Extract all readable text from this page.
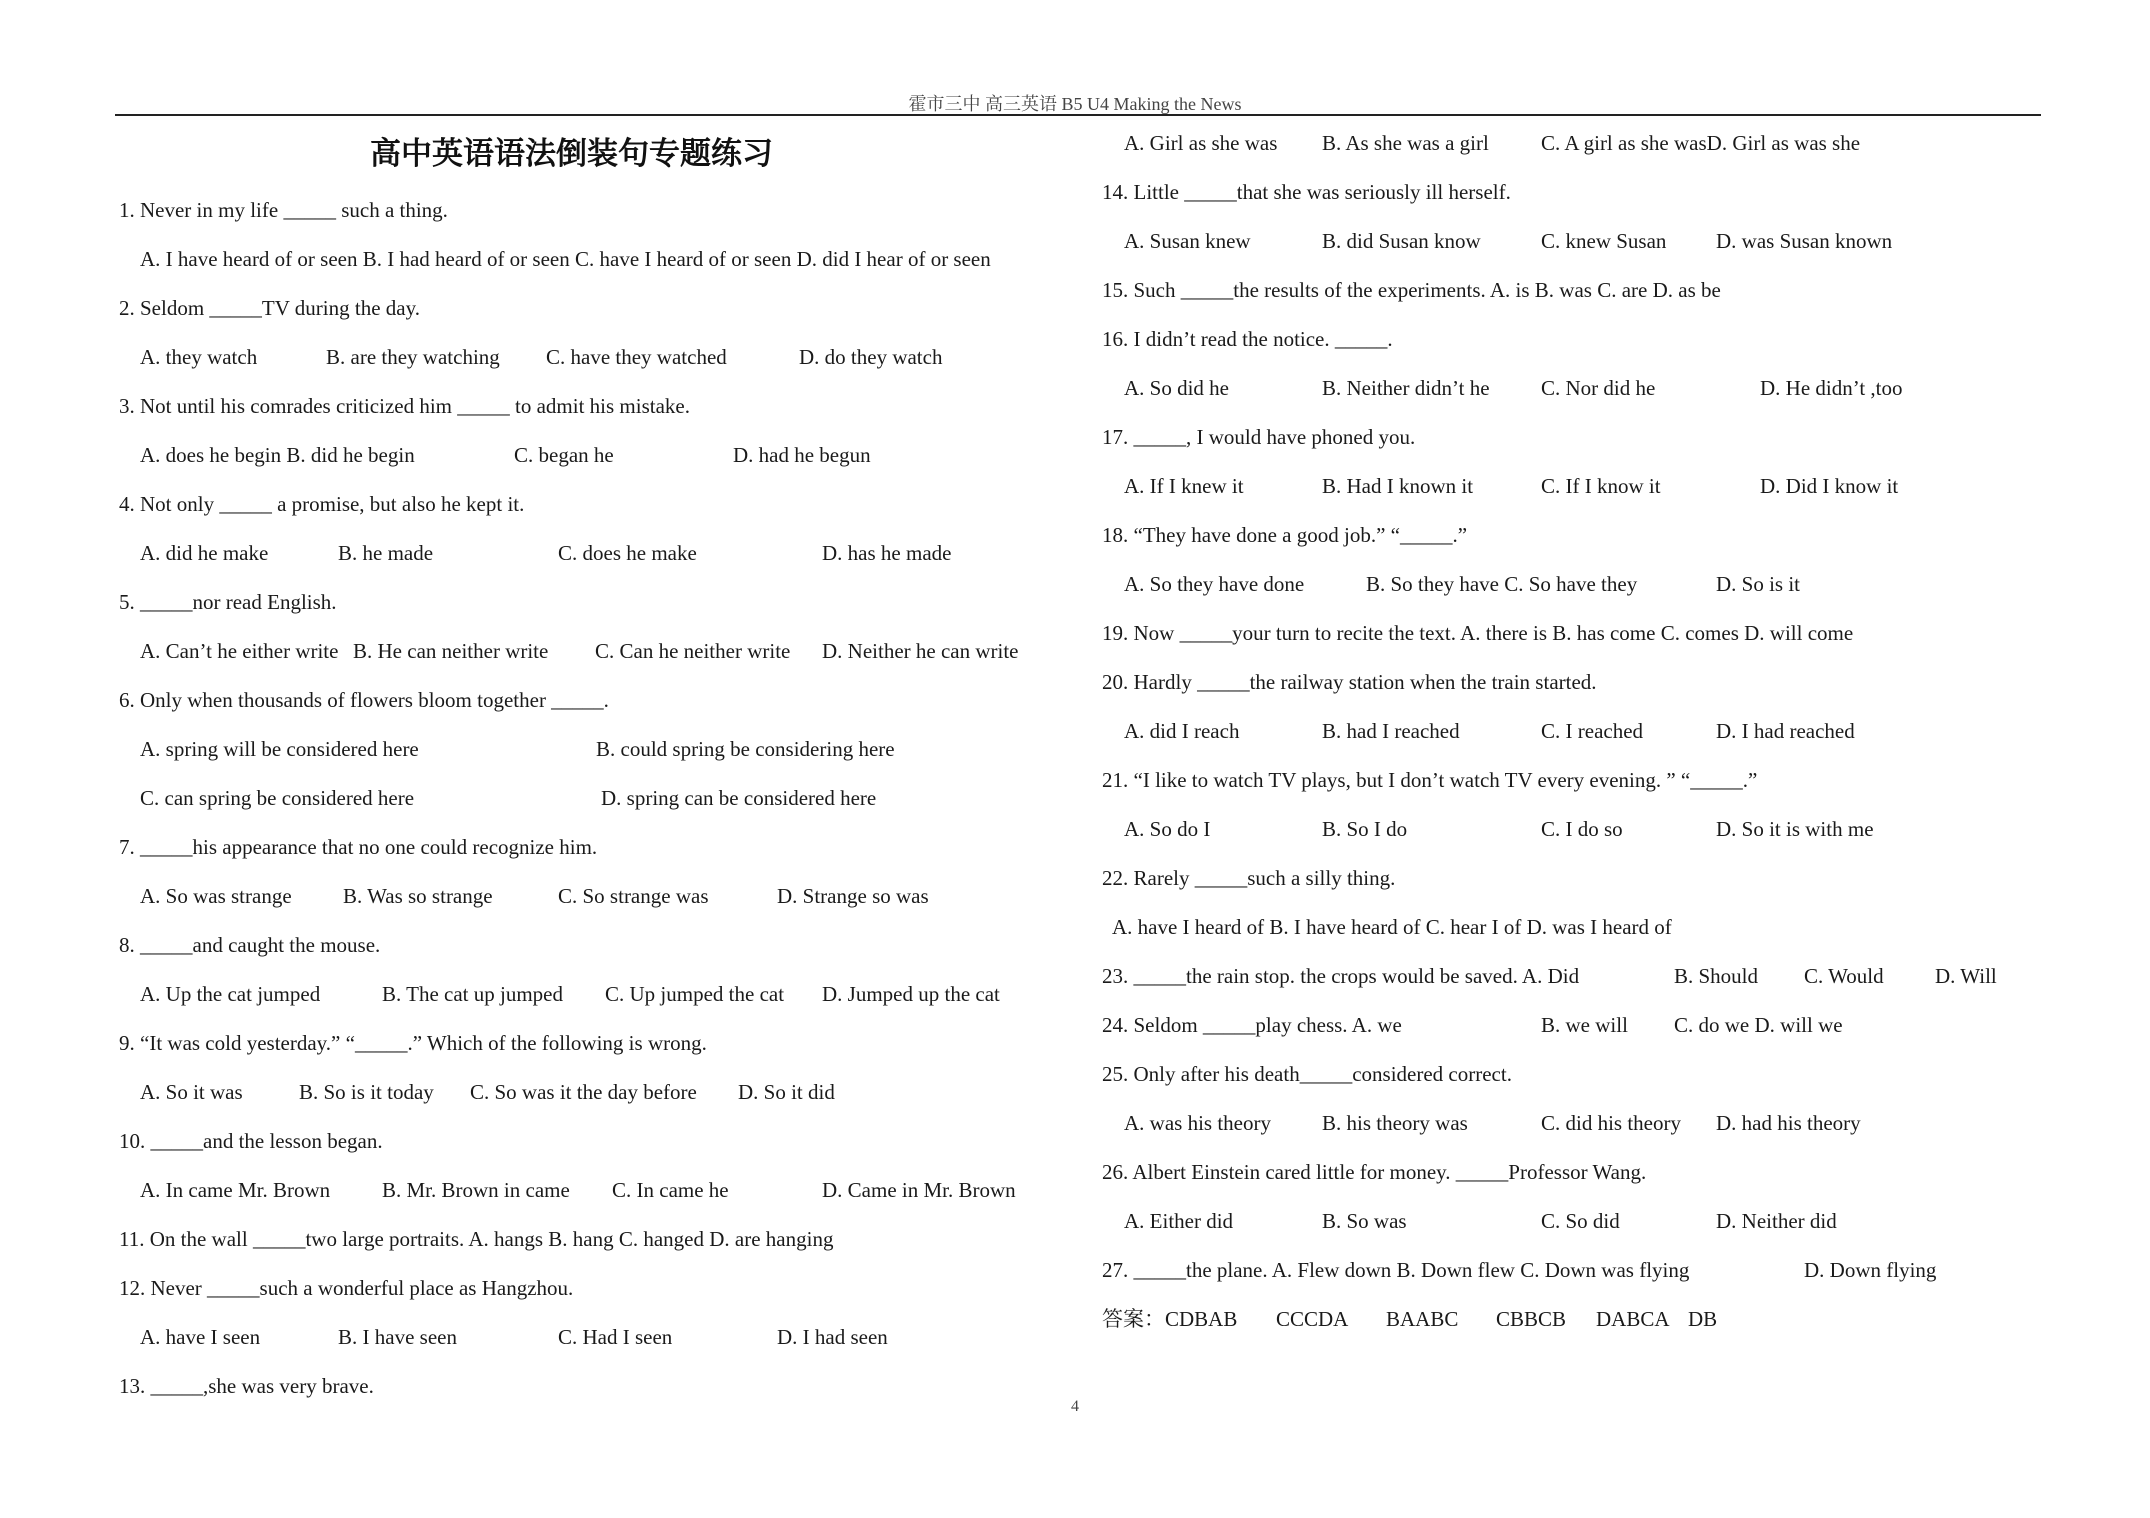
霍市三中 高三英语 B5 U4 Making the News
高中英语语法倒装句专题练习
1. Never in my life _____ such a thing.
A. I have heard of or seen B. I had heard of or seen C. have I heard of or seen D. did I hear of or seen
2. Seldom _____TV during the day.
A. they watch	B. are they watching C. have they watched	D. do they watch
3. Not until his comrades criticized him _____ to admit his mistake.
A. does he begin B. did he begin	C. began he	D. had he begun
4. Not only _____ a promise, but also he kept it.
A. did he make	B. he made	C. does he make	D. has he made
5. _____nor read English.
A. Can’t he either write B. He can neither write C. Can he neither write D. Neither he can write
6. Only when thousands of flowers bloom together _____.
A. spring will be considered here	B. could spring be considering here
C. can spring be considered here	D. spring can be considered here
7. _____his appearance that no one could recognize him.
A. So was strange B. Was so strange	C. So strange was	D. Strange so was
8. _____and caught the mouse.
A. Up the cat jumped	B. The cat up jumped C. Up jumped the cat D. Jumped up the cat
9. “It was cold yesterday.” “_____.” Which of the following is wrong.
A. So it was	B. So is it today C. So was it the day before D. So it did
10. _____and the lesson began.
A. In came Mr. Brown B. Mr. Brown in came C. In came he	D. Came in Mr. Brown
11. On the wall _____two large portraits. A. hangs B. hang C. hanged D. are hanging
12. Never _____such a wonderful place as Hangzhou.
A. have I seen	B. I have seen	C. Had I seen	D. I had seen
13. _____,she was very brave.
A. Girl as she was B. As she was a girl C. A girl as she wasD. Girl as was she
14. Little _____that she was seriously ill herself.
A. Susan knew	B. did Susan know	C. knew Susan D. was Susan known
15. Such _____the results of the experiments. A. is B. was C. are D. as be
16. I didn’t read the notice. _____.
A. So did he	B. Neither didn’t he C. Nor did he	D. He didn’t ,too
17. _____, I would have phoned you.
A. If I knew it	B. Had I known it	C. If I know it	D. Did I know it
18. “They have done a good job.” “_____.”
A. So they have done	B. So they have C. So have they	D. So is it
19. Now _____your turn to recite the text. A. there is B. has come C. comes D. will come
20. Hardly _____the railway station when the train started.
A. did I reach	B. had I reached	C. I reached	D. I had reached
21. “I like to watch TV plays, but I don’t watch TV every evening. ” “_____.”
A. So do I	B. So I do	C. I do so	D. So it is with me
22. Rarely _____such a silly thing.
A. have I heard of B. I have heard of C. hear I of D. was I heard of
23. _____the rain stop. the crops would be saved. A. Did	B. Should C. Would D. Will
24. Seldom _____play chess. A. we	B. we will C. do we D. will we
25. Only after his death_____considered correct.
A. was his theory B. his theory was	C. did his theory D. had his theory
26. Albert Einstein cared little for money. _____Professor Wang.
A. Either did	B. So was	C. So did	D. Neither did
27. _____the plane. A. Flew down B. Down flew C. Down was flying	D. Down flying
答案：CDBAB CCCDA BAABC CBBCB DABCA DB
4
